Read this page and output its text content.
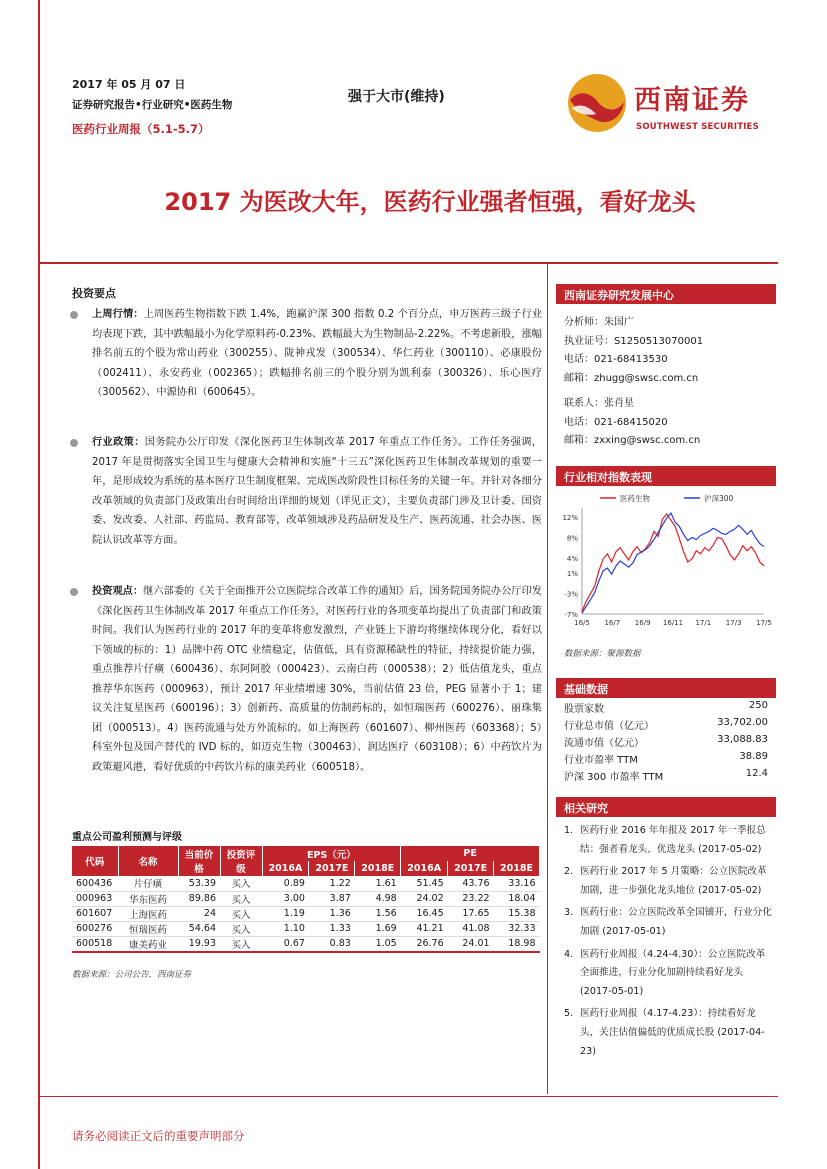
2017 年 05 月 07 日
证券研究报告•行业研究•医药生物
医药行业周报（5.1-5.7）
强于大市(维持)	西南证券
SOUTHWEST SECURITIES
2017 为医改大年，医药行业强者恒强，看好龙头
投资要点

上周行情：上周医药生物指数下跌 1.4%，跑赢沪深 300 指数 0.2 个百分点，申万医药三级子行业均表现下跌，其中跌幅最小为化学原料药-0.23%、跌幅最大为生物制品-2.22%。不考虑新股，涨幅排名前五的个股为常山药业（300255）、陇神戎发（300534）、华仁药业（300110）、必康股份（002411）、永安药业（002365）；跌幅排名前三的个股分别为凯利泰（300326）、乐心医疗（300562）、中源协和（600645）。

行业政策：国务院办公厅印发《深化医药卫生体制改革 2017 年重点工作任务》。工作任务强调，2017 年是贯彻落实全国卫生与健康大会精神和实施“十三五”深化医药卫生体制改革规划的重要一年，是形成较为系统的基本医疗卫生制度框架、完成医改阶段性目标任务的关键一年。并针对各细分改革领域的负责部门及政策出台时间给出详细的规划（详见正文），主要负责部门涉及卫计委、国资委、发改委、人社部、药监局、教育部等，改革领域涉及药品研发及生产、医药流通、社会办医、医院认识改革等方面。

投资观点：继六部委的《关于全面推开公立医院综合改革工作的通知》后，国务院国务院办公厅印发《深化医药卫生体制改革 2017 年重点工作任务》，对医药行业的各项变革均提出了负责部门和政策时间。我们认为医药行业的 2017 年的变革将愈发激烈，产业链上下游均将继续体现分化，看好以下领域的标的：1）品牌中药 OTC 业绩稳定，估值低，具有资源稀缺性的特征，持续提价能力强，重点推荐片仔癀（600436）、东阿阿胶（000423）、云南白药（000538）；2）低估值龙头，重点推荐华东医药（000963），预计 2017 年业绩增速 30%，当前估值 23 倍，PEG 显著小于 1；建议关注复星医药（600196）；3）创新药、高质量的仿制药标的，如恒瑞医药（600276）、丽珠集团（000513）。4）医药流通与处方外流标的。如上海医药（601607）、柳州医药（603368）；5）科室外包及国产替代的 IVD 标的，如迈克生物（300463）、润达医疗（603108）；6）中药饮片为政策避风港，看好优质的中药饮片标的康美药业（600518）。

重点公司盈利预测与评级
代码	名称	当前价格	投资评级	EPS（元）			PE		
				2016A	2017E	2018E	2016A	2017E	2018E
600436	片仔癀	53.39	买入	0.89	1.22	1.61	51.45	43.76	33.16
000963	华东医药	89.86	买入	3.00	3.87	4.98	24.02	23.22	18.04
601607	上海医药	24	买入	1.19	1.36	1.56	16.45	17.65	15.38
600276	恒瑞医药	54.64	买入	1.10	1.33	1.69	41.21	41.08	32.33
600518	康美药业	19.93	买入	0.67	0.83	1.05	26.76	24.01	18.98
数据来源：公司公告，西南证券
西南证券研究发展中心
分析师：朱国广
执业证号：S1250513070001
电话：021-68413530
邮箱：zhugg@swsc.com.cn
联系人：张肖星
电话：021-68415020
邮箱：zxxing@swsc.com.cn
行业相对指数表现
12%
8%
4%
1%
-3%
-7%
16/5 16/7 16/9 16/11 17/1 17/3 17/5
医药生物	沪深300
数据来源：聚源数据
基础数据
股票家数	250
行业总市值（亿元）	33,702.00
流通市值（亿元）	33,088.83
行业市盈率 TTM	38.89
沪深 300 市盈率 TTM	12.4
相关研究
1. 医药行业 2016 年年报及 2017 年一季报总结：强者看龙头、优选龙头 (2017-05-02)
2. 医药行业 2017 年 5 月策略：公立医院改革加剧，进一步强化龙头地位 (2017-05-02)
3. 医药行业：公立医院改革全国铺开，行业分化加剧 (2017-05-01)
4. 医药行业周报（4.24-4.30）：公立医院改革全面推进，行业分化加剧持续看好龙头 (2017-05-01)
5. 医药行业周报（4.17-4.23）：持续看好龙头，关注估值偏低的优质成长股 (2017-04-23)
请务必阅读正文后的重要声明部分
